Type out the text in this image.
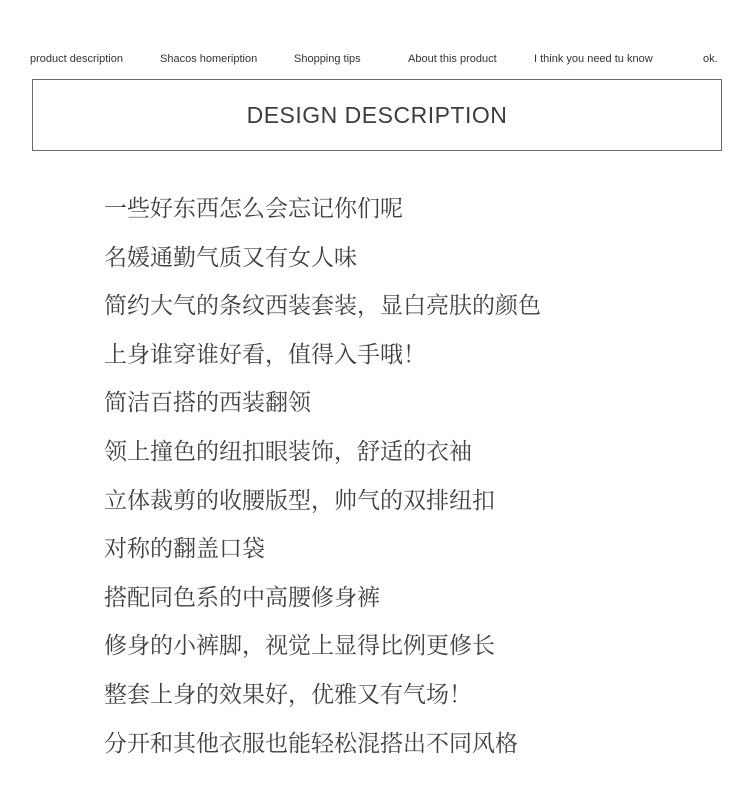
product description	Shacos homeription	Shopping tips	About this product	I think you need tu know	ok.
DESIGN DESCRIPTION
一些好东西怎么会忘记你们呢
名媛通勤气质又有女人味
简约大气的条纹西装套装，显白亮肤的颜色
上身谁穿谁好看，值得入手哦！
简洁百搭的西装翻领
领上撞色的纽扣眼装饰，舒适的衣袖
立体裁剪的收腰版型，帅气的双排纽扣
对称的翻盖口袋
搭配同色系的中高腰修身裤
修身的小裤脚，视觉上显得比例更修长
整套上身的效果好，优雅又有气场！
分开和其他衣服也能轻松混搭出不同风格
